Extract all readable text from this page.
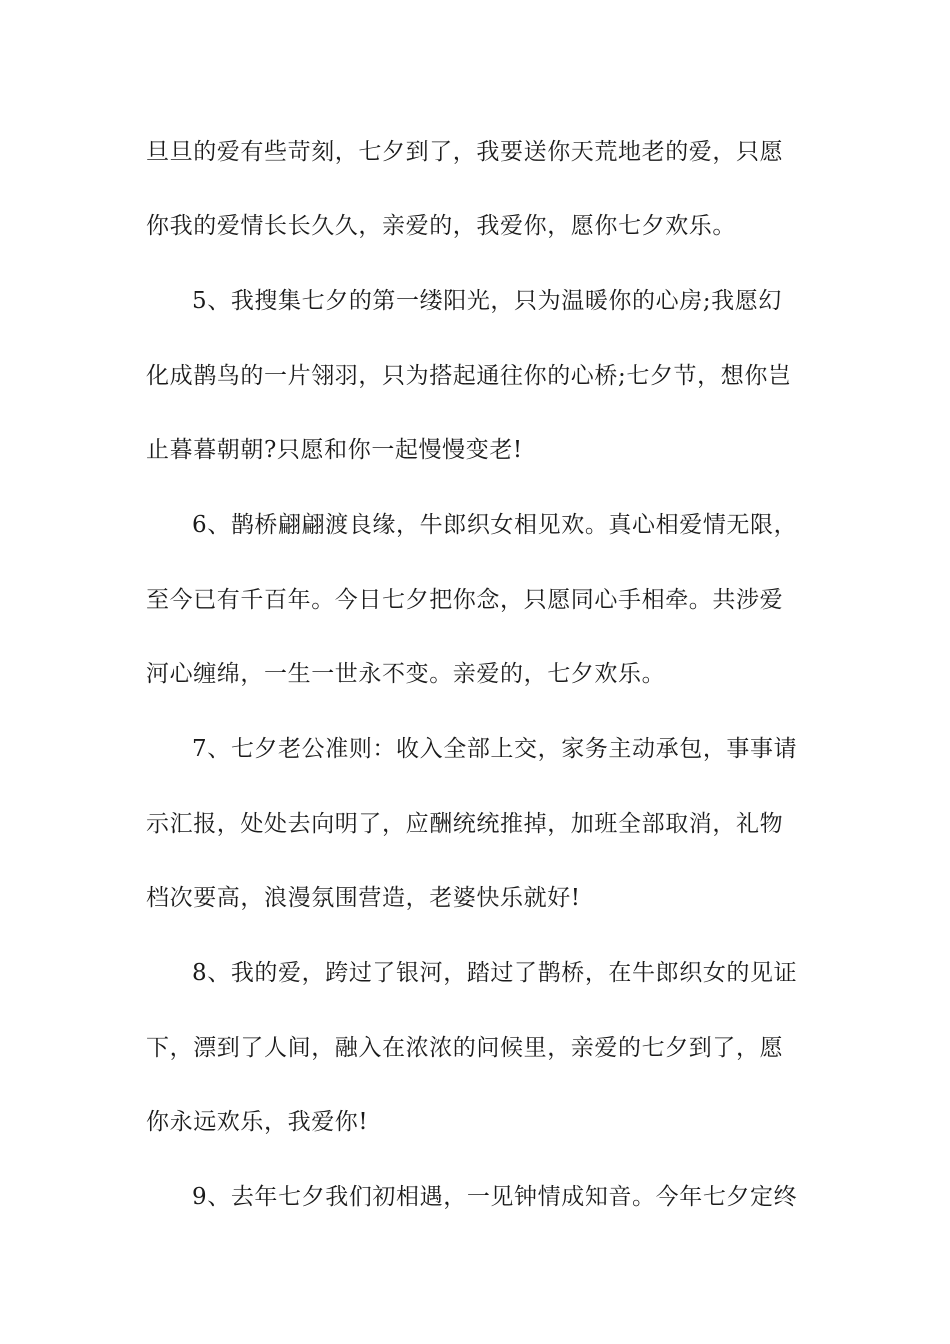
旦旦的爱有些苛刻，七夕到了，我要送你天荒地老的爱，只愿
你我的爱情长长久久，亲爱的，我爱你，愿你七夕欢乐。
5、我搜集七夕的第一缕阳光，只为温暖你的心房;我愿幻
化成鹊鸟的一片翎羽，只为搭起通往你的心桥;七夕节，想你岂
止暮暮朝朝?只愿和你一起慢慢变老!
6、鹊桥翩翩渡良缘，牛郎织女相见欢。真心相爱情无限，
至今已有千百年。今日七夕把你念，只愿同心手相牵。共涉爱
河心缠绵，一生一世永不变。亲爱的，七夕欢乐。
7、七夕老公准则：收入全部上交，家务主动承包，事事请
示汇报，处处去向明了，应酬统统推掉，加班全部取消，礼物
档次要高，浪漫氛围营造，老婆快乐就好!
8、我的爱，跨过了银河，踏过了鹊桥，在牛郎织女的见证
下，漂到了人间，融入在浓浓的问候里，亲爱的七夕到了，愿
你永远欢乐，我爱你!
9、去年七夕我们初相遇，一见钟情成知音。今年七夕定终
